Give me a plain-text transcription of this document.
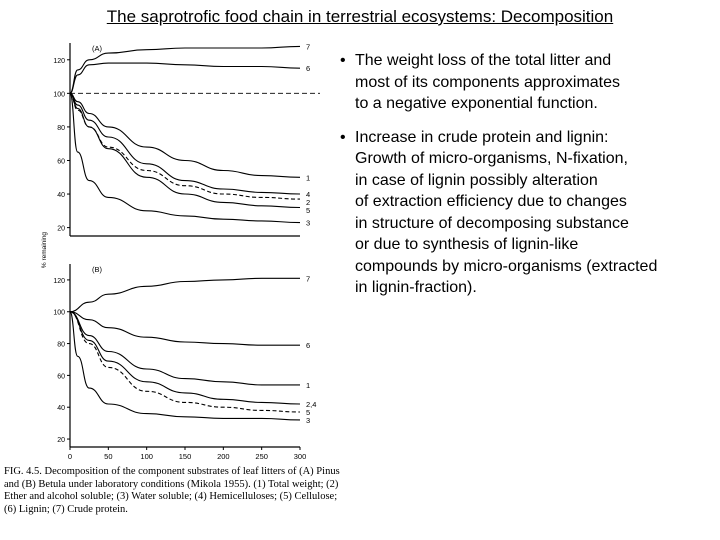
The saprotrofic food chain in terrestrial ecosystems: Decomposition
20
40
60
80
100
120
(A)
% remaining
7
6
1
4
2
5
3
20
40
60
80
100
120
0	50	100	150	200	250	300
(B)
7
6
1
2,4
5
3
• The weight loss of the total litter and
most of its components approximates
to a negative exponential function.
• Increase in crude protein and lignin:
Growth of micro-organisms, N-fixation,
in case of lignin possibly alteration
of extraction efficiency due to changes
in structure of decomposing substance
or due to synthesis of lignin-like
compounds by micro-organisms (extracted
in lignin-fraction).
FIG. 4.5. Decomposition of the component substrates of leaf litters of (A) Pinus and (B) Betula under laboratory conditions (Mikola 1955). (1) Total weight; (2) Ether and alcohol soluble; (3) Water soluble; (4) Hemicelluloses; (5) Cellulose; (6) Lignin; (7) Crude protein.
